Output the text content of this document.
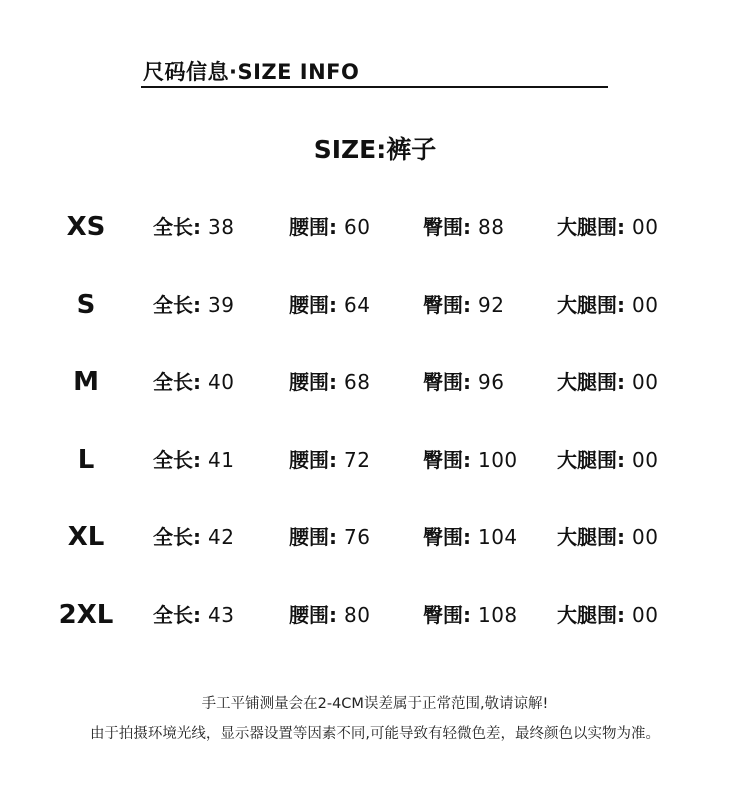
尺码信息·SIZE INFO
SIZE:裤子
XS	全长: 38	腰围: 60	臀围: 88	大腿围: 00
S	全长: 39	腰围: 64	臀围: 92	大腿围: 00
M	全长: 40	腰围: 68	臀围: 96	大腿围: 00
L	全长: 41	腰围: 72	臀围: 100 大腿围: 00
XL	全长: 42	腰围: 76	臀围: 104 大腿围: 00
2XL	全长: 43	腰围: 80	臀围: 108 大腿围: 00
手工平铺测量会在2-4CM误差属于正常范围,敬请谅解!
由于拍摄环境光线，显示器设置等因素不同,可能导致有轻微色差，最终颜色以实物为准。
